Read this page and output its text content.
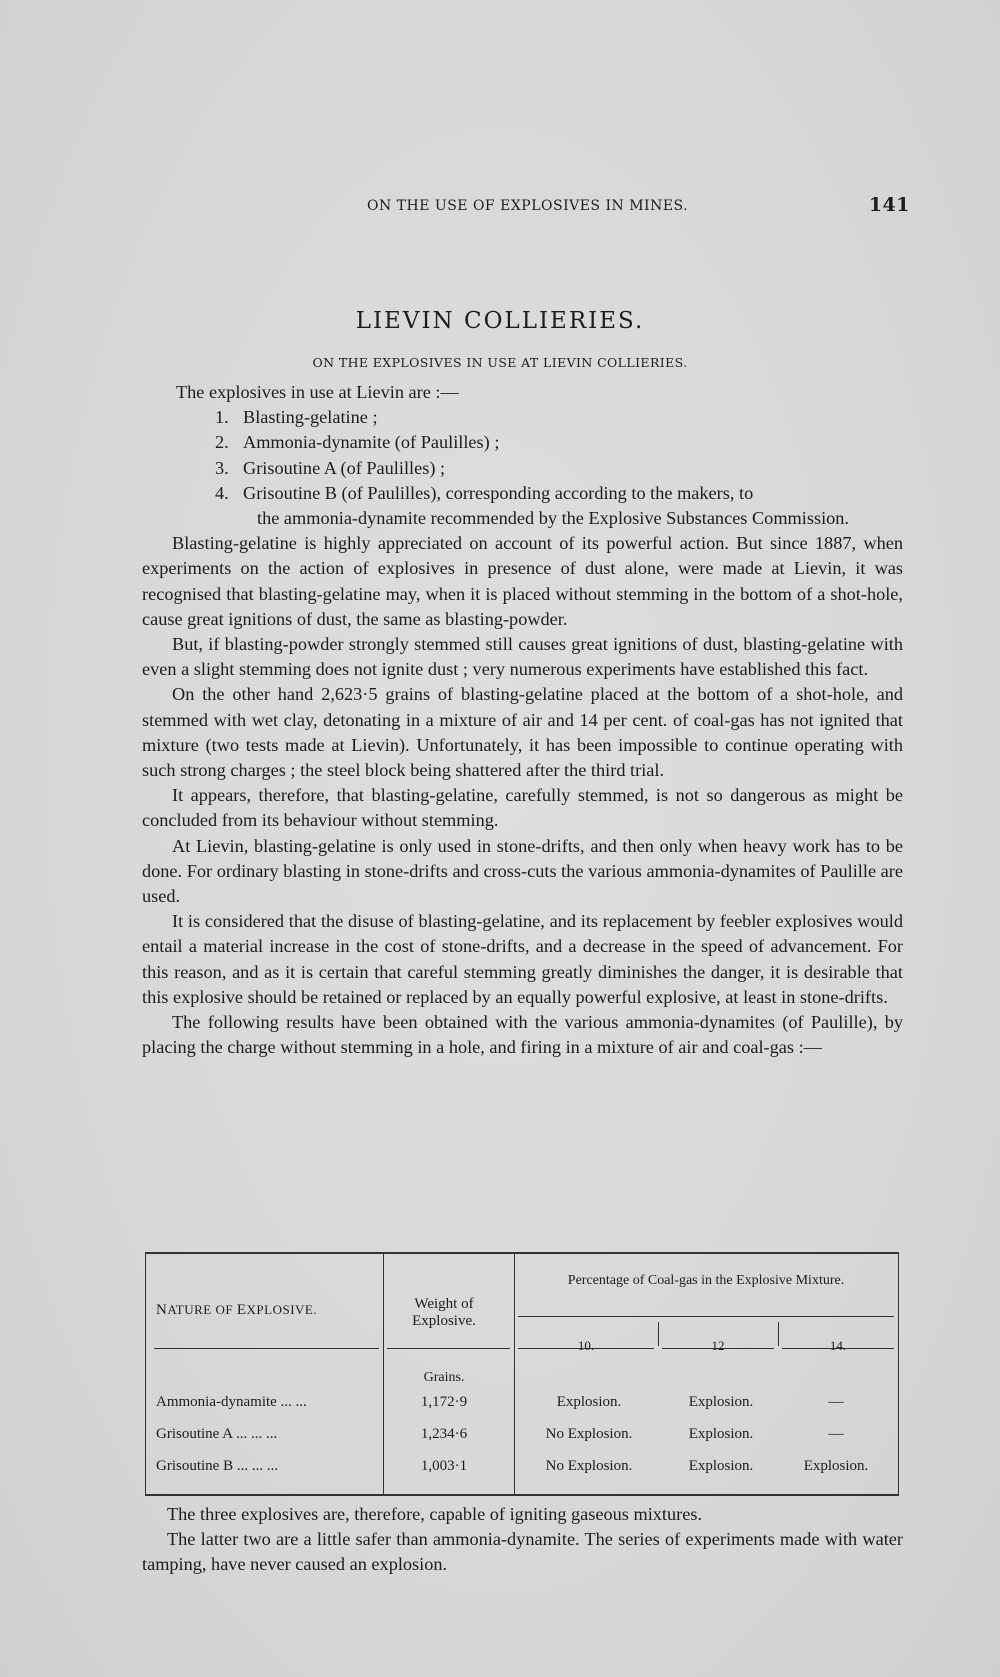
ON THE USE OF EXPLOSIVES IN MINES.	141
LIEVIN COLLIERIES.
ON THE EXPLOSIVES IN USE AT LIEVIN COLLIERIES.

The explosives in use at Lievin are :—

1. Blasting-gelatine ;
2. Ammonia-dynamite (of Paulilles) ;
3. Grisoutine A (of Paulilles) ;
4. Grisoutine B (of Paulilles), corresponding according to the makers, to
the ammonia-dynamite recommended by the Explosive Substances Commission.

Blasting-gelatine is highly appreciated on account of its powerful action. But since 1887, when experiments on the action of explosives in presence of dust alone, were made at Lievin, it was recognised that blasting-gelatine may, when it is placed without stemming in the bottom of a shot-hole, cause great ignitions of dust, the same as blasting-powder.

But, if blasting-powder strongly stemmed still causes great ignitions of dust, blasting-gelatine with even a slight stemming does not ignite dust ; very numerous experiments have established this fact.

On the other hand 2,623·5 grains of blasting-gelatine placed at the bottom of a shot-hole, and stemmed with wet clay, detonating in a mixture of air and 14 per cent. of coal-gas has not ignited that mixture (two tests made at Lievin). Unfortunately, it has been impossible to continue operating with such strong charges ; the steel block being shattered after the third trial.

It appears, therefore, that blasting-gelatine, carefully stemmed, is not so dangerous as might be concluded from its behaviour without stemming.

At Lievin, blasting-gelatine is only used in stone-drifts, and then only when heavy work has to be done. For ordinary blasting in stone-drifts and cross-cuts the various ammonia-dynamites of Paulille are used.

It is considered that the disuse of blasting-gelatine, and its replacement by feebler explosives would entail a material increase in the cost of stone-drifts, and a decrease in the speed of advancement. For this reason, and as it is certain that careful stemming greatly diminishes the danger, it is desirable that this explosive should be retained or replaced by an equally powerful explosive, at least in stone-drifts.

The following results have been obtained with the various ammonia-dynamites (of Paulille), by placing the charge without stemming in a hole, and firing in a mixture of air and coal-gas :—

NATURE OF EXPLOSIVE.	Weight of Explosive.
Percentage of Coal-gas in the Explosive Mixture.
10.	12	14.
Grains.
Ammonia-dynamite ... ...	1,172·9	Explosion.	Explosion.	—
Grisoutine A ... ... ...	1,234·6	No Explosion.	Explosion.	—
Grisoutine B ... ... ...	1,003·1	No Explosion.	Explosion.	Explosion.

The three explosives are, therefore, capable of igniting gaseous mixtures.

The latter two are a little safer than ammonia-dynamite. The series of experiments made with water tamping, have never caused an explosion.
